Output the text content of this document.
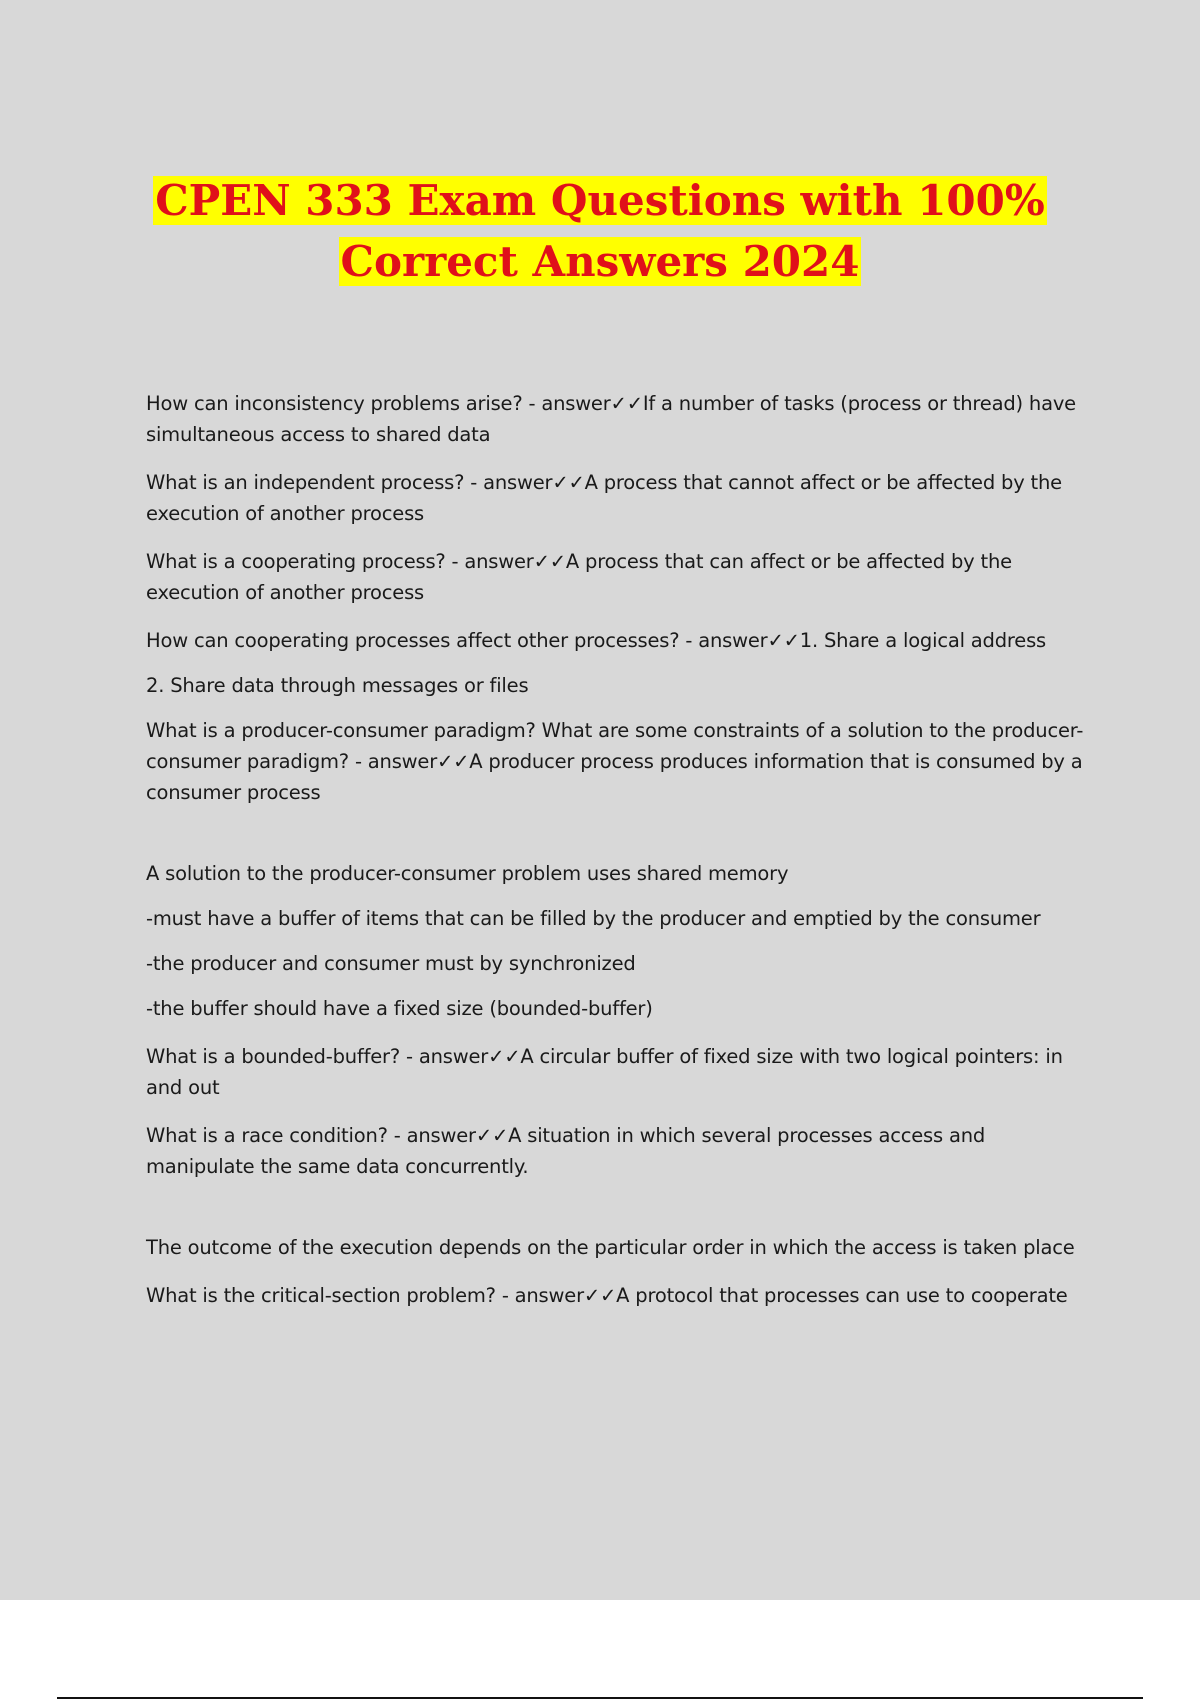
CPEN 333 Exam Questions with 100%
Correct Answers 2024

How can inconsistency problems arise? - answer✓✓If a number of tasks (process or thread) have simultaneous access to shared data

What is an independent process? - answer✓✓A process that cannot affect or be affected by the execution of another process

What is a cooperating process? - answer✓✓A process that can affect or be affected by the execution of another process

How can cooperating processes affect other processes? - answer✓✓1. Share a logical address

2. Share data through messages or files

What is a producer-consumer paradigm? What are some constraints of a solution to the producer-consumer paradigm? - answer✓✓A producer process produces information that is consumed by a consumer process

A solution to the producer-consumer problem uses shared memory

-must have a buffer of items that can be filled by the producer and emptied by the consumer

-the producer and consumer must by synchronized

-the buffer should have a fixed size (bounded-buffer)

What is a bounded-buffer? - answer✓✓A circular buffer of fixed size with two logical pointers: in and out

What is a race condition? - answer✓✓A situation in which several processes access and manipulate the same data concurrently.

The outcome of the execution depends on the particular order in which the access is taken place

What is the critical-section problem? - answer✓✓A protocol that processes can use to cooperate
